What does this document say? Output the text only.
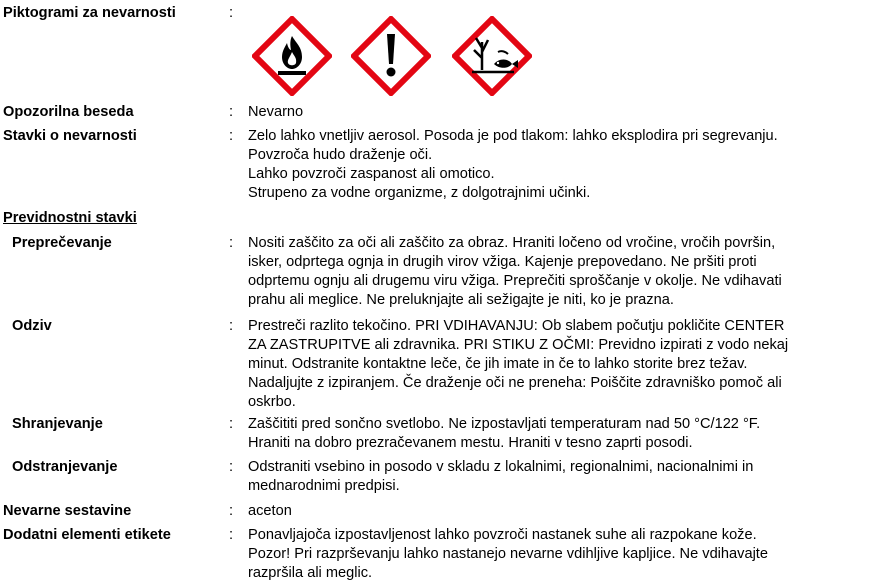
Piktogrami za nevarnosti	:
Opozorilna beseda	: Nevarno
Stavki o nevarnosti	: Zelo lahko vnetljiv aerosol. Posoda je pod tlakom: lahko eksplodira pri segrevanju.
Povzroča hudo draženje oči.
Lahko povzroči zaspanost ali omotico.
Strupeno za vodne organizme, z dolgotrajnimi učinki.
Previdnostni stavki
Preprečevanje	: Nositi zaščito za oči ali zaščito za obraz. Hraniti ločeno od vročine, vročih površin,
isker, odprtega ognja in drugih virov vžiga. Kajenje prepovedano. Ne pršiti proti
odprtemu ognju ali drugemu viru vžiga. Preprečiti sproščanje v okolje. Ne vdihavati
prahu ali meglice. Ne preluknjajte ali sežigajte je niti, ko je prazna.
Odziv	: Prestreči razlito tekočino. PRI VDIHAVANJU: Ob slabem počutju pokličite CENTER
ZA ZASTRUPITVE ali zdravnika. PRI STIKU Z OČMI: Previdno izpirati z vodo nekaj
minut. Odstranite kontaktne leče, če jih imate in če to lahko storite brez težav.
Nadaljujte z izpiranjem. Če draženje oči ne preneha: Poiščite zdravniško pomoč ali
oskrbo.
Shranjevanje	: Zaščititi pred sončno svetlobo. Ne izpostavljati temperaturam nad 50 °C/122 °F.
Hraniti na dobro prezračevanem mestu. Hraniti v tesno zaprti posodi.
Odstranjevanje	: Odstraniti vsebino in posodo v skladu z lokalnimi, regionalnimi, nacionalnimi in
mednarodnimi predpisi.
Nevarne sestavine	: aceton
Dodatni elementi etikete	: Ponavljajoča izpostavljenost lahko povzroči nastanek suhe ali razpokane kože.
Pozor! Pri razprševanju lahko nastanejo nevarne vdihljive kapljice. Ne vdihavajte
razpršila ali meglic.
